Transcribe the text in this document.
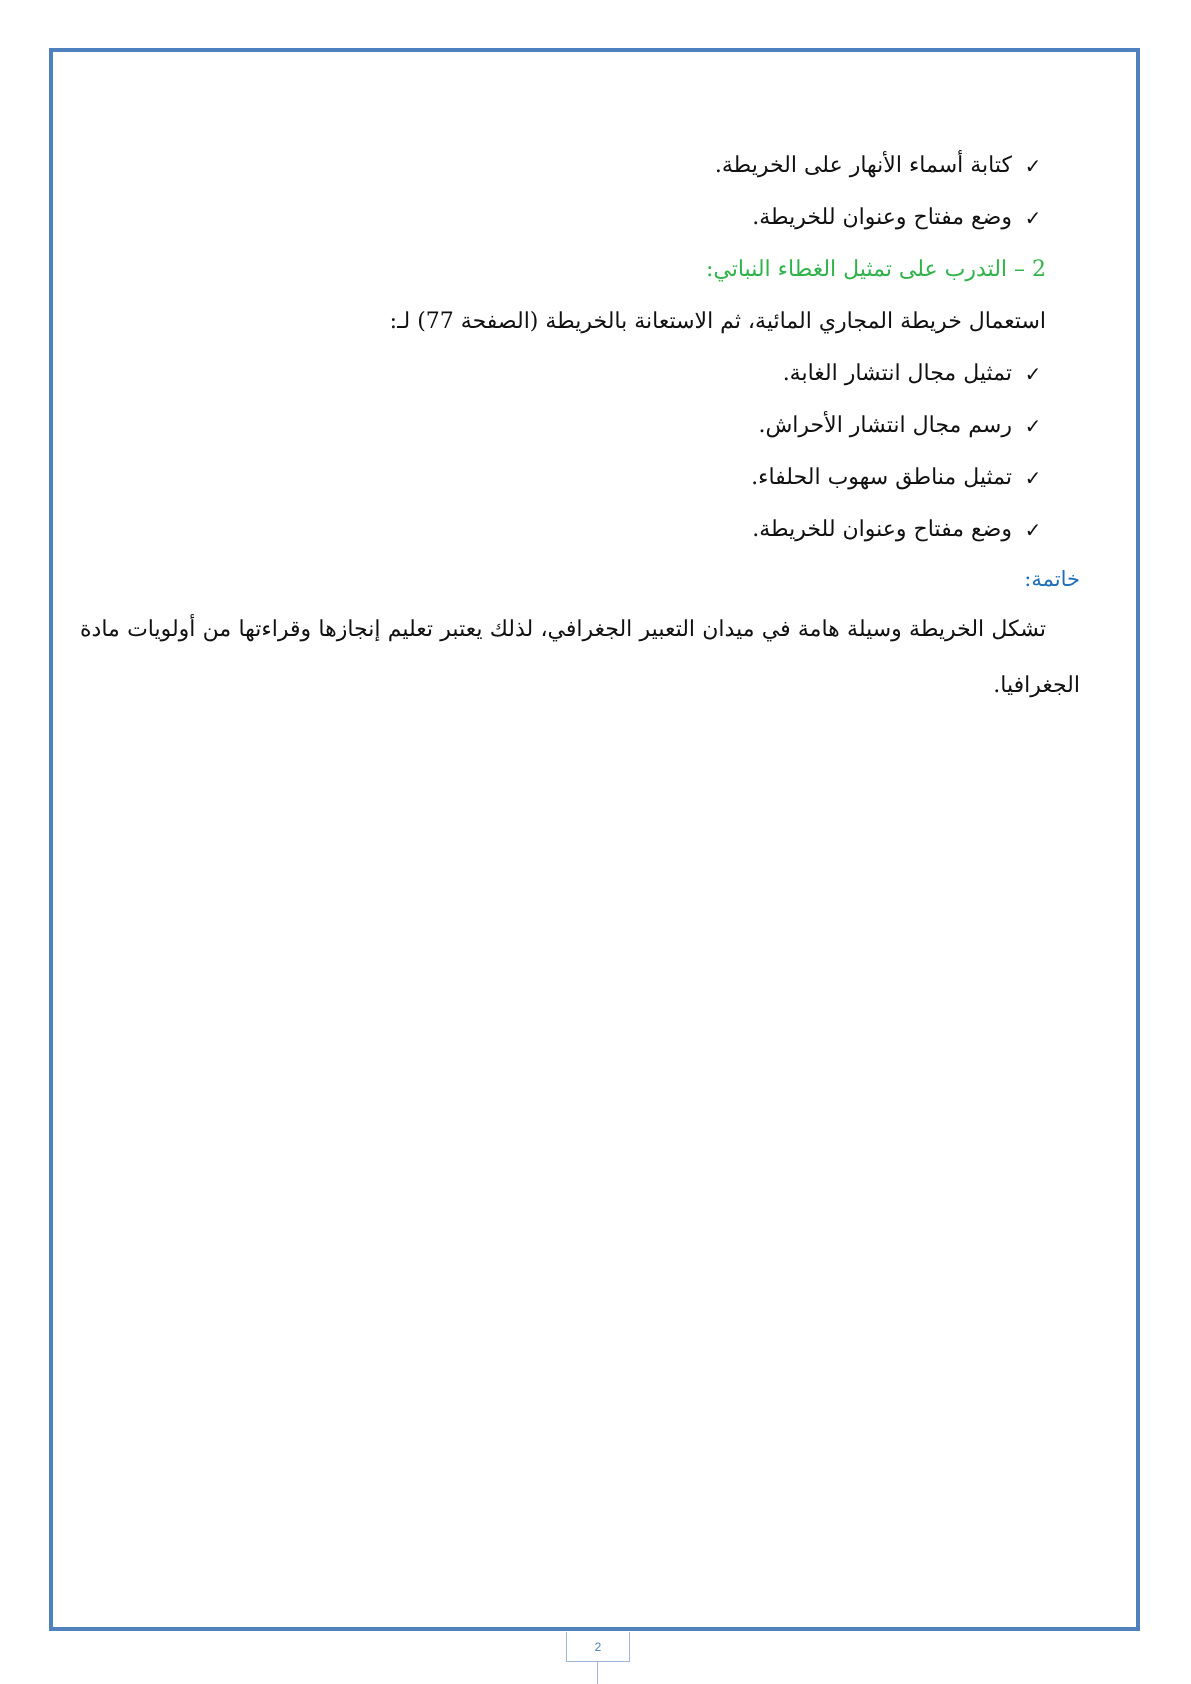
✓
كتابة أسماء الأنهار على الخريطة.
✓
وضع مفتاح وعنوان للخريطة.
2 – التدرب على تمثيل الغطاء النباتي:
استعمال خريطة المجاري المائية، ثم الاستعانة بالخريطة (الصفحة 77) لـ:
✓
تمثيل مجال انتشار الغابة.
✓
رسم مجال انتشار الأحراش.
✓
تمثيل مناطق سهوب الحلفاء.
✓
وضع مفتاح وعنوان للخريطة.
خاتمة:
تشكل الخريطة وسيلة هامة في ميدان التعبير الجغرافي، لذلك يعتبر تعليم إنجازها وقراءتها من أولويات مادة الجغرافيا.
2
